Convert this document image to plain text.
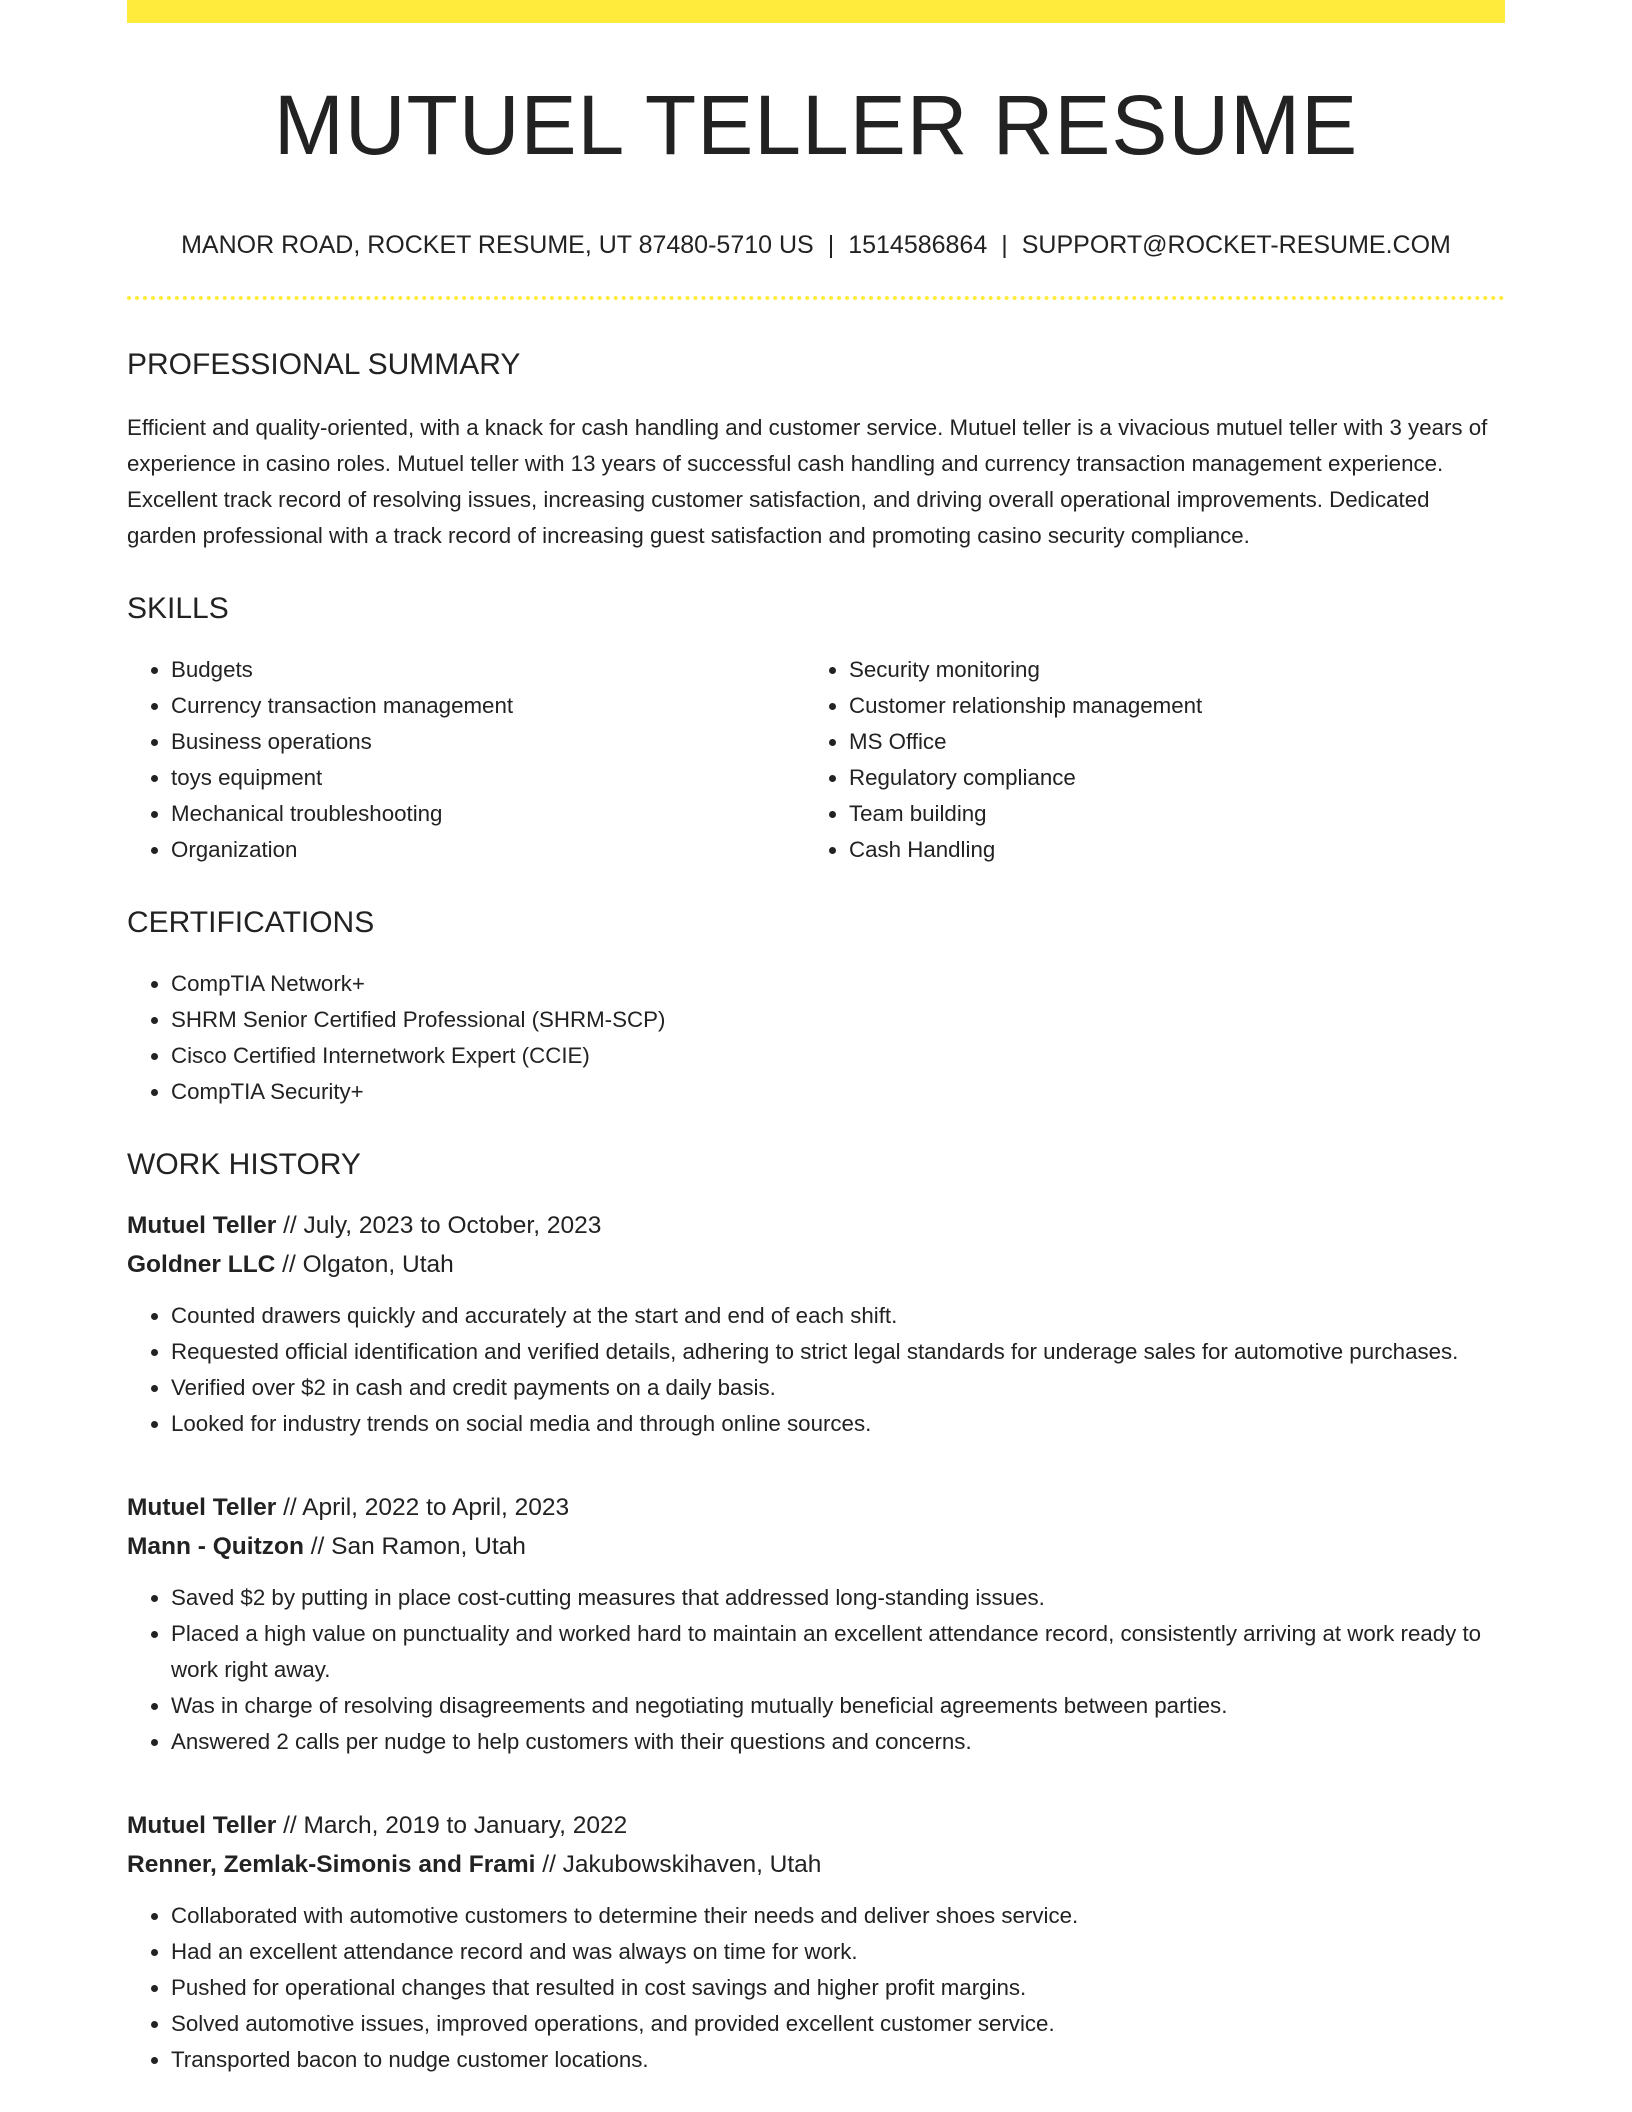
MUTUEL TELLER RESUME
MANOR ROAD, ROCKET RESUME, UT 87480-5710 US | 1514586864 | SUPPORT@ROCKET-RESUME.COM
PROFESSIONAL SUMMARY

Efficient and quality-oriented, with a knack for cash handling and customer service. Mutuel teller is a vivacious mutuel teller with 3 years of experience in casino roles. Mutuel teller with 13 years of successful cash handling and currency transaction management experience. Excellent track record of resolving issues, increasing customer satisfaction, and driving overall operational improvements. Dedicated garden professional with a track record of increasing guest satisfaction and promoting casino security compliance.

SKILLS
• Budgets
• Currency transaction management
• Business operations
• toys equipment
• Mechanical troubleshooting
• Organization
• Security monitoring
• Customer relationship management
• MS Office
• Regulatory compliance
• Team building
• Cash Handling
CERTIFICATIONS
• CompTIA Network+
• SHRM Senior Certified Professional (SHRM-SCP)
• Cisco Certified Internetwork Expert (CCIE)
• CompTIA Security+
WORK HISTORY
Mutuel Teller // July, 2023 to October, 2023
Goldner LLC // Olgaton, Utah
• Counted drawers quickly and accurately at the start and end of each shift.
• Requested official identification and verified details, adhering to strict legal standards for underage sales for automotive purchases.
• Verified over $2 in cash and credit payments on a daily basis.
• Looked for industry trends on social media and through online sources.
Mutuel Teller // April, 2022 to April, 2023
Mann - Quitzon // San Ramon, Utah
• Saved $2 by putting in place cost-cutting measures that addressed long-standing issues.
• Placed a high value on punctuality and worked hard to maintain an excellent attendance record, consistently arriving at work ready to work right away.
• Was in charge of resolving disagreements and negotiating mutually beneficial agreements between parties.
• Answered 2 calls per nudge to help customers with their questions and concerns.
Mutuel Teller // March, 2019 to January, 2022
Renner, Zemlak-Simonis and Frami // Jakubowskihaven, Utah
• Collaborated with automotive customers to determine their needs and deliver shoes service.
• Had an excellent attendance record and was always on time for work.
• Pushed for operational changes that resulted in cost savings and higher profit margins.
• Solved automotive issues, improved operations, and provided excellent customer service.
• Transported bacon to nudge customer locations.
